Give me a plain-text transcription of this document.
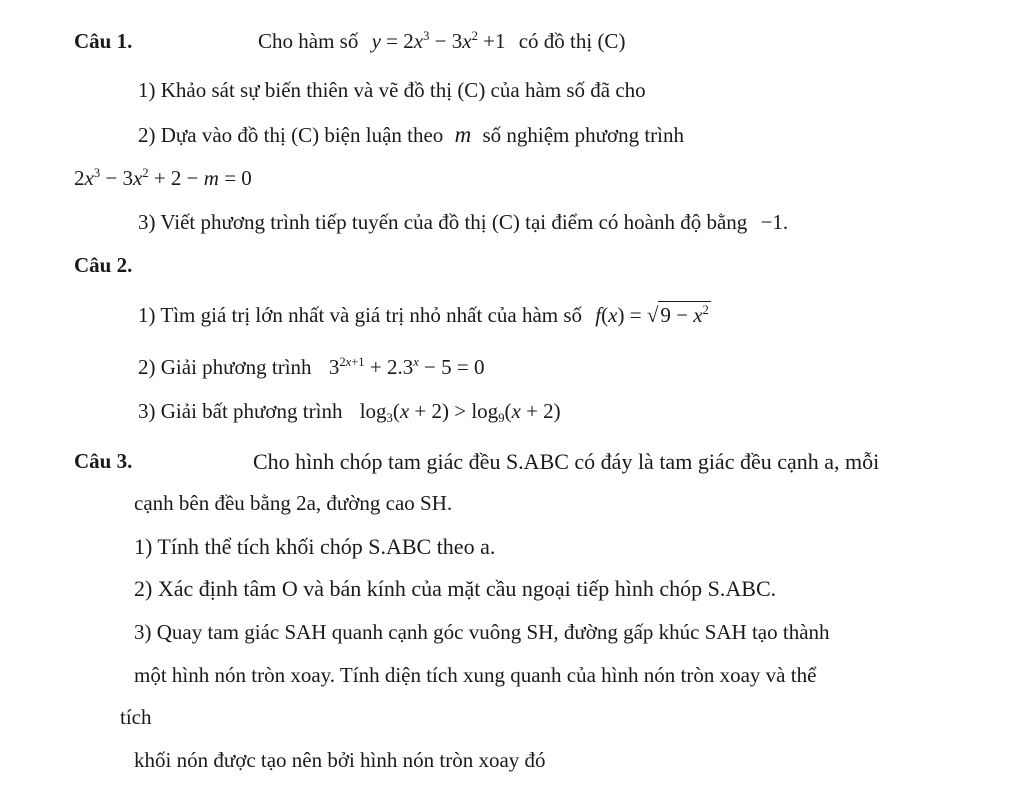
Câu 1.	Cho hàm số $y = 2x^3 - 3x^2 +1$ có đồ thị (C)
1) Khảo sát sự biến thiên và vẽ đồ thị (C) của hàm số đã cho
2) Dựa vào đồ thị (C) biện luận theo m số nghiệm phương trình
$2x^3 - 3x^2 + 2 - m = 0$
3) Viết phương trình tiếp tuyến của đồ thị (C) tại điểm có hoành độ bằng −1.
Câu 2.
1) Tìm giá trị lớn nhất và giá trị nhỏ nhất của hàm số $f(x) = √9 - x^2$
2) Giải phương trình $3^{2x+1} + 2.3^x - 5 = 0$
3) Giải bất phương trình $\log_3(x + 2) > \log_9(x + 2)$
Câu 3.	Cho hình chóp tam giác đều S.ABC có đáy là tam giác đều cạnh a, mỗi
cạnh bên đều bằng 2a, đường cao SH.
1) Tính thể tích khối chóp S.ABC theo a.
2) Xác định tâm O và bán kính của mặt cầu ngoại tiếp hình chóp S.ABC.
3) Quay tam giác SAH quanh cạnh góc vuông SH, đường gấp khúc SAH tạo thành
một hình nón tròn xoay. Tính diện tích xung quanh của hình nón tròn xoay và thể
tích
khối nón được tạo nên bởi hình nón tròn xoay đó
